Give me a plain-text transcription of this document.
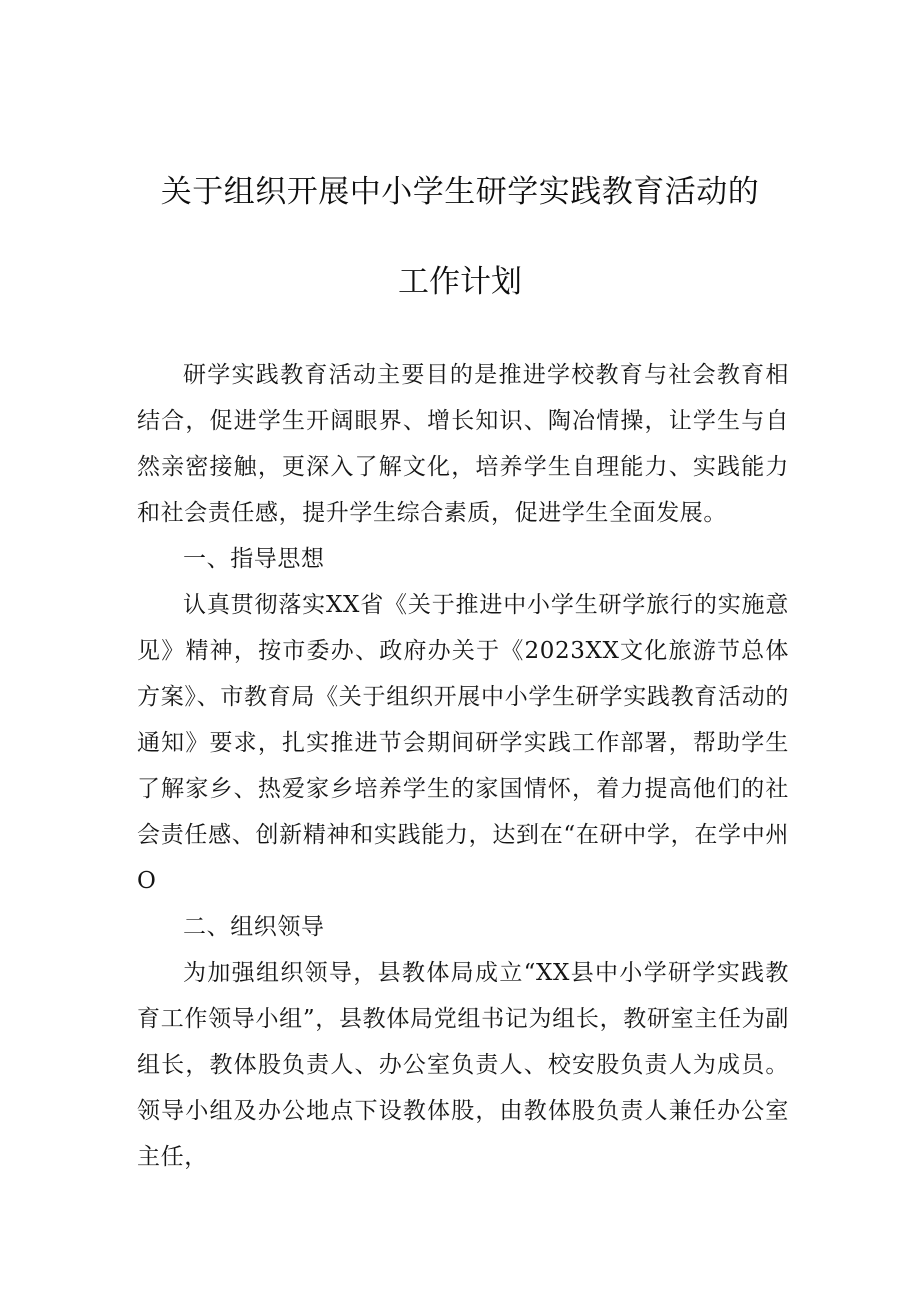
关于组织开展中小学生研学实践教育活动的
工作计划

研学实践教育活动主要目的是推进学校教育与社会教育相结合，促进学生开阔眼界、增长知识、陶冶情操，让学生与自然亲密接触，更深入了解文化，培养学生自理能力、实践能力和社会责任感，提升学生综合素质，促进学生全面发展。

一、指导思想

认真贯彻落实XX省《关于推进中小学生研学旅行的实施意见》精神，按市委办、政府办关于《2023XX文化旅游节总体方案》、市教育局《关于组织开展中小学生研学实践教育活动的通知》要求，扎实推进节会期间研学实践工作部署，帮助学生了解家乡、热爱家乡培养学生的家国情怀，着力提高他们的社会责任感、创新精神和实践能力，达到在“在研中学，在学中州O

二、组织领导

为加强组织领导，县教体局成立“XX县中小学研学实践教育工作领导小组”，县教体局党组书记为组长，教研室主任为副组长，教体股负责人、办公室负责人、校安股负责人为成员。领导小组及办公地点下设教体股，由教体股负责人兼任办公室主任，
